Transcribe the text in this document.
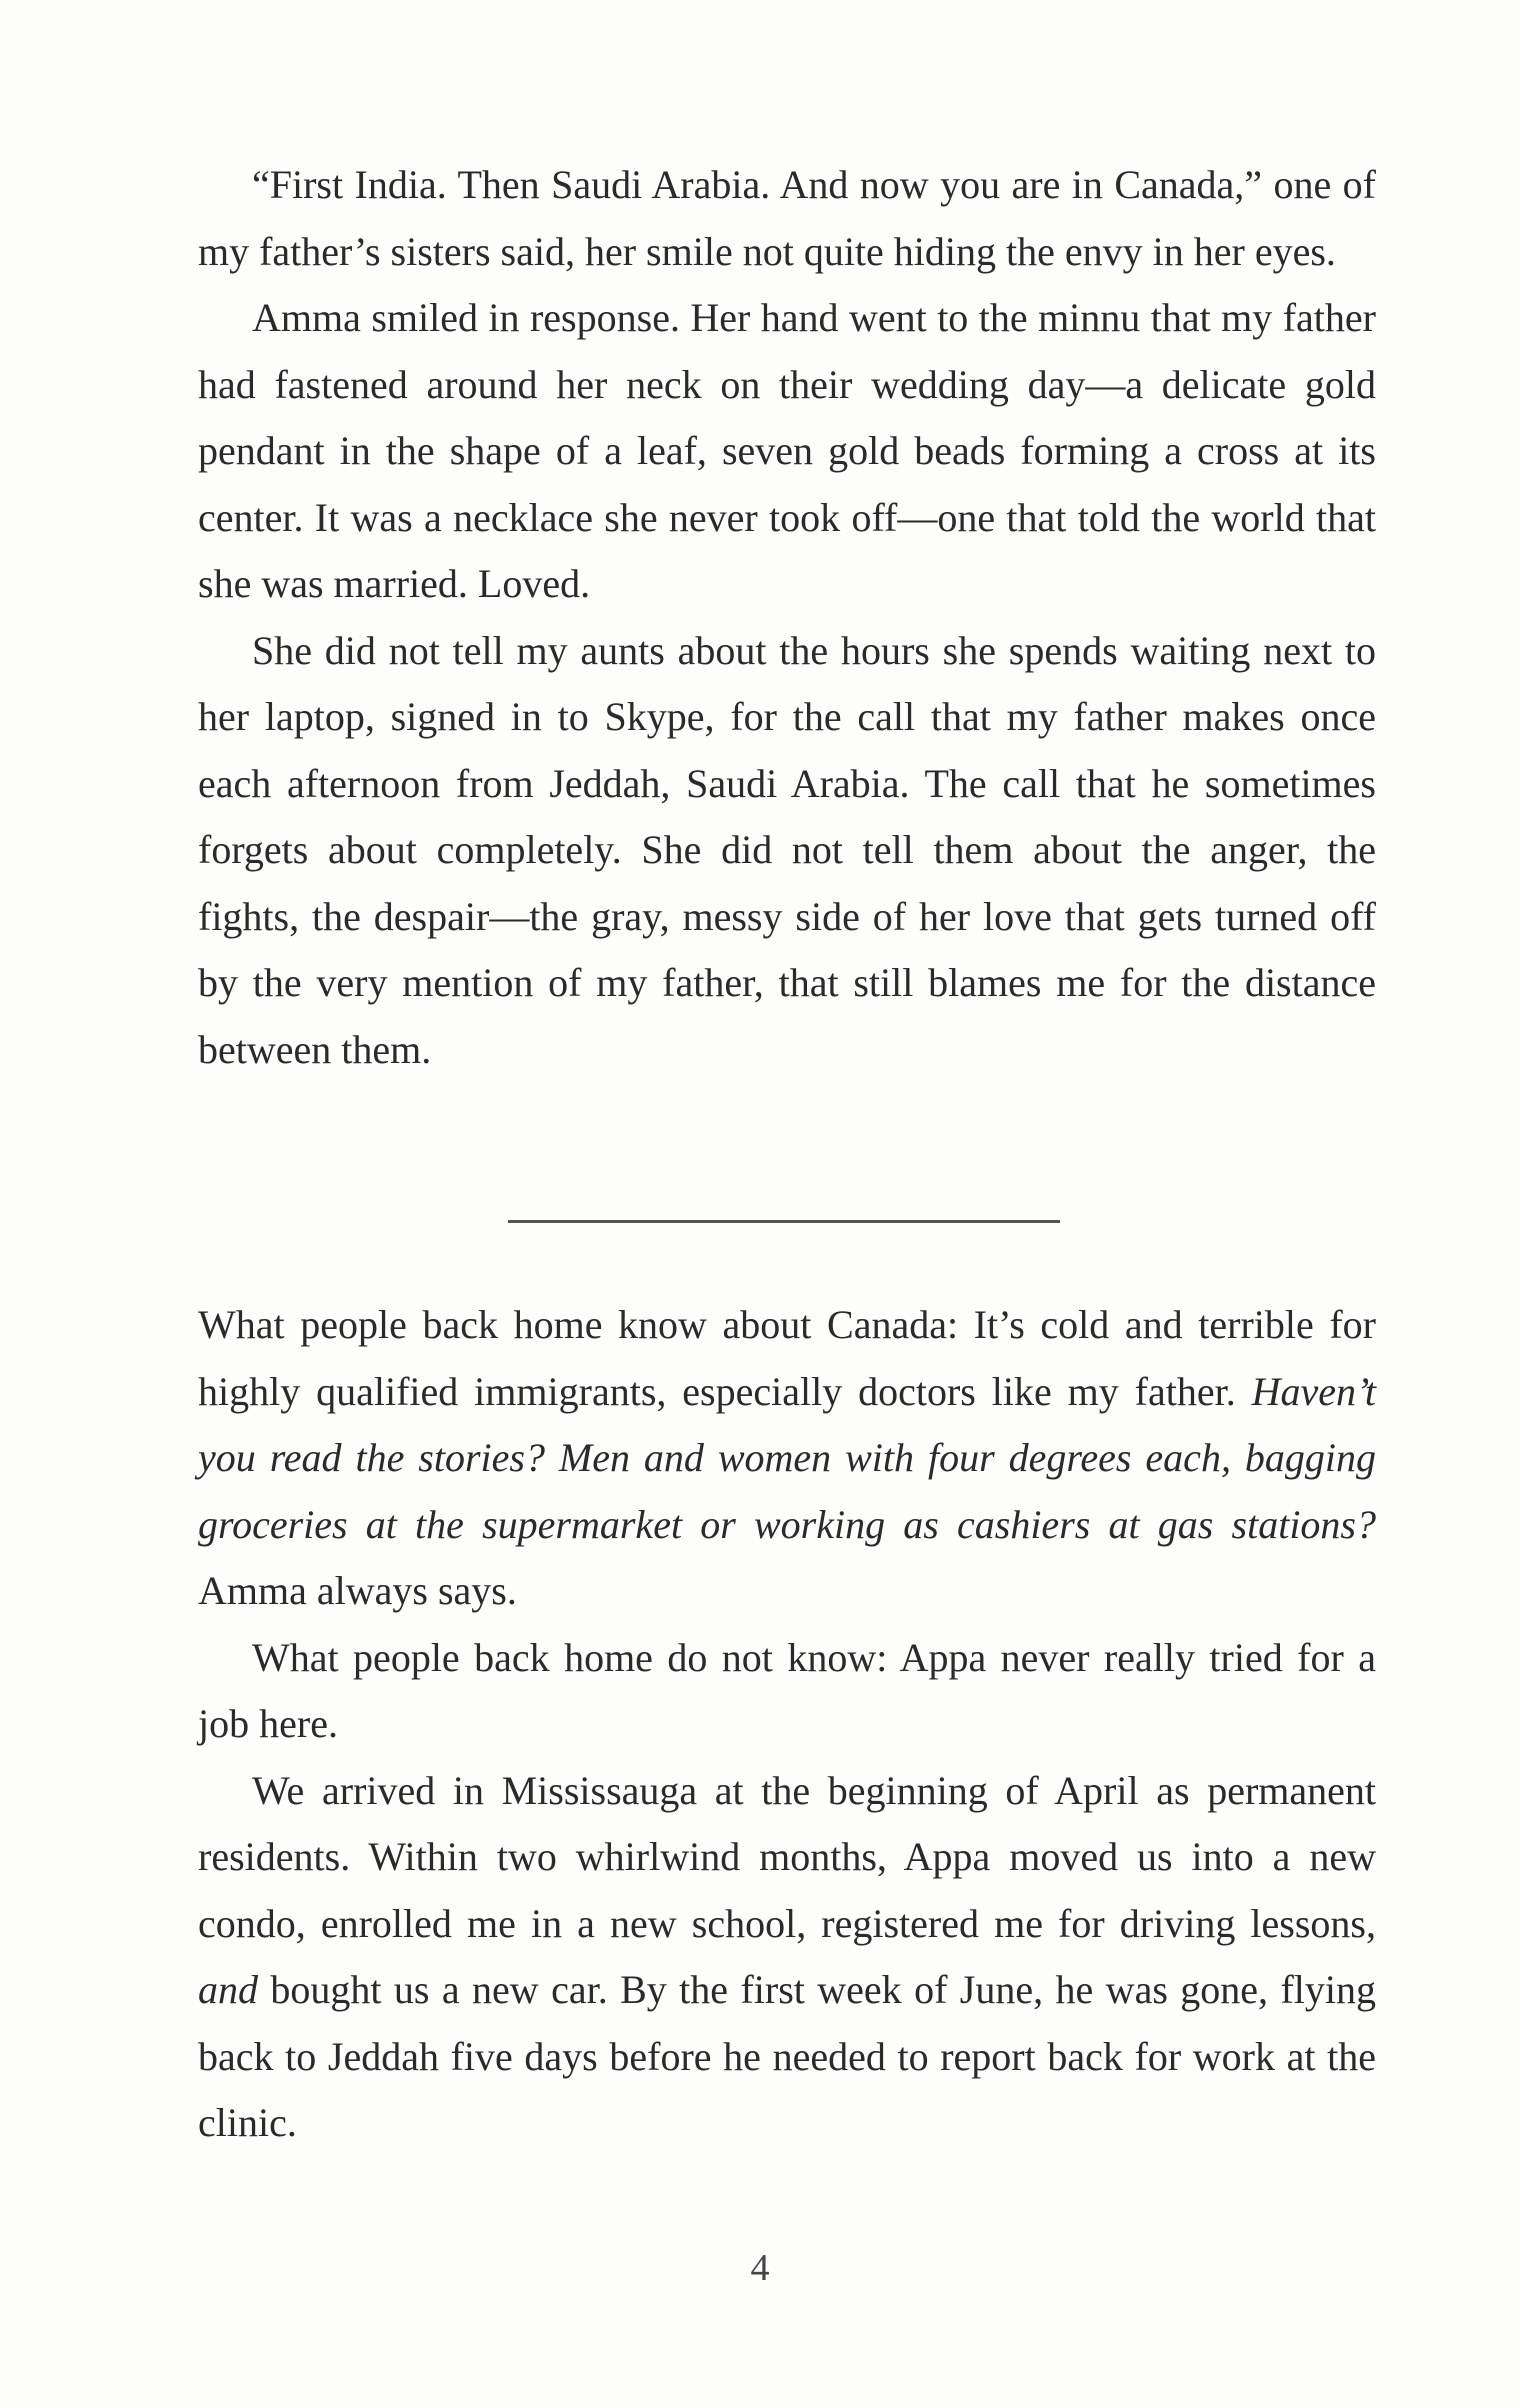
“First India. Then Saudi Arabia. And now you are in Canada,” one of my father’s sisters said, her smile not quite hiding the envy in her eyes.

Amma smiled in response. Her hand went to the minnu that my father had fastened around her neck on their wedding day—a delicate gold pendant in the shape of a leaf, seven gold beads forming a cross at its center. It was a necklace she never took off—one that told the world that she was married. Loved.

She did not tell my aunts about the hours she spends waiting next to her laptop, signed in to Skype, for the call that my father makes once each afternoon from Jeddah, Saudi Arabia. The call that he sometimes forgets about completely. She did not tell them about the anger, the fights, the despair—the gray, messy side of her love that gets turned off by the very mention of my father, that still blames me for the distance between them.

What people back home know about Canada: It’s cold and terrible for highly qualified immigrants, especially doctors like my father. Haven’t you read the stories? Men and women with four degrees each, bagging groceries at the supermarket or working as cashiers at gas stations? Amma always says.

What people back home do not know: Appa never really tried for a job here.

We arrived in Mississauga at the beginning of April as permanent residents. Within two whirlwind months, Appa moved us into a new condo, enrolled me in a new school, registered me for driving lessons, and bought us a new car. By the first week of June, he was gone, flying back to Jeddah five days before he needed to report back for work at the clinic.

4
